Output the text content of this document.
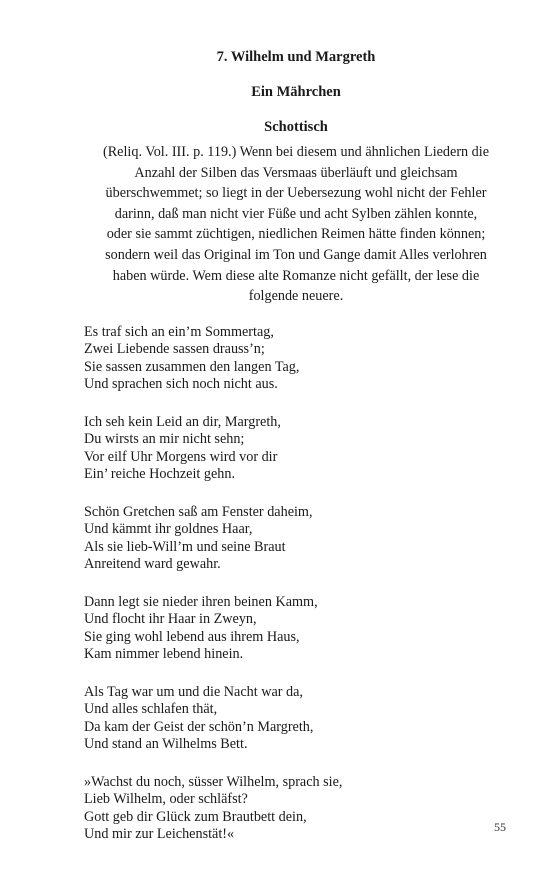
7. Wilhelm und Margreth
Ein Mährchen
Schottisch
(Reliq. Vol. III. p. 119.) Wenn bei diesem und ähnlichen Liedern die
Anzahl der Silben das Versmaas überläuft und gleichsam
überschwemmet; so liegt in der Uebersezung wohl nicht der Fehler
darinn, daß man nicht vier Füße und acht Sylben zählen konnte,
oder sie sammt züchtigen, niedlichen Reimen hätte finden können;
sondern weil das Original im Ton und Gange damit Alles verlohren
haben würde. Wem diese alte Romanze nicht gefällt, der lese die
folgende neuere.
Es traf sich an ein’m Sommertag,
Zwei Liebende sassen drauss’n;
Sie sassen zusammen den langen Tag,
Und sprachen sich noch nicht aus.
Ich seh kein Leid an dir, Margreth,
Du wirsts an mir nicht sehn;
Vor eilf Uhr Morgens wird vor dir
Ein’ reiche Hochzeit gehn.
Schön Gretchen saß am Fenster daheim,
Und kämmt ihr goldnes Haar,
Als sie lieb-Will’m und seine Braut
Anreitend ward gewahr.
Dann legt sie nieder ihren beinen Kamm,
Und flocht ihr Haar in Zweyn,
Sie ging wohl lebend aus ihrem Haus,
Kam nimmer lebend hinein.
Als Tag war um und die Nacht war da,
Und alles schlafen thät,
Da kam der Geist der schön’n Margreth,
Und stand an Wilhelms Bett.
»Wachst du noch, süsser Wilhelm, sprach sie,
Lieb Wilhelm, oder schläfst?
Gott geb dir Glück zum Brautbett dein,
Und mir zur Leichenstät!«	55
